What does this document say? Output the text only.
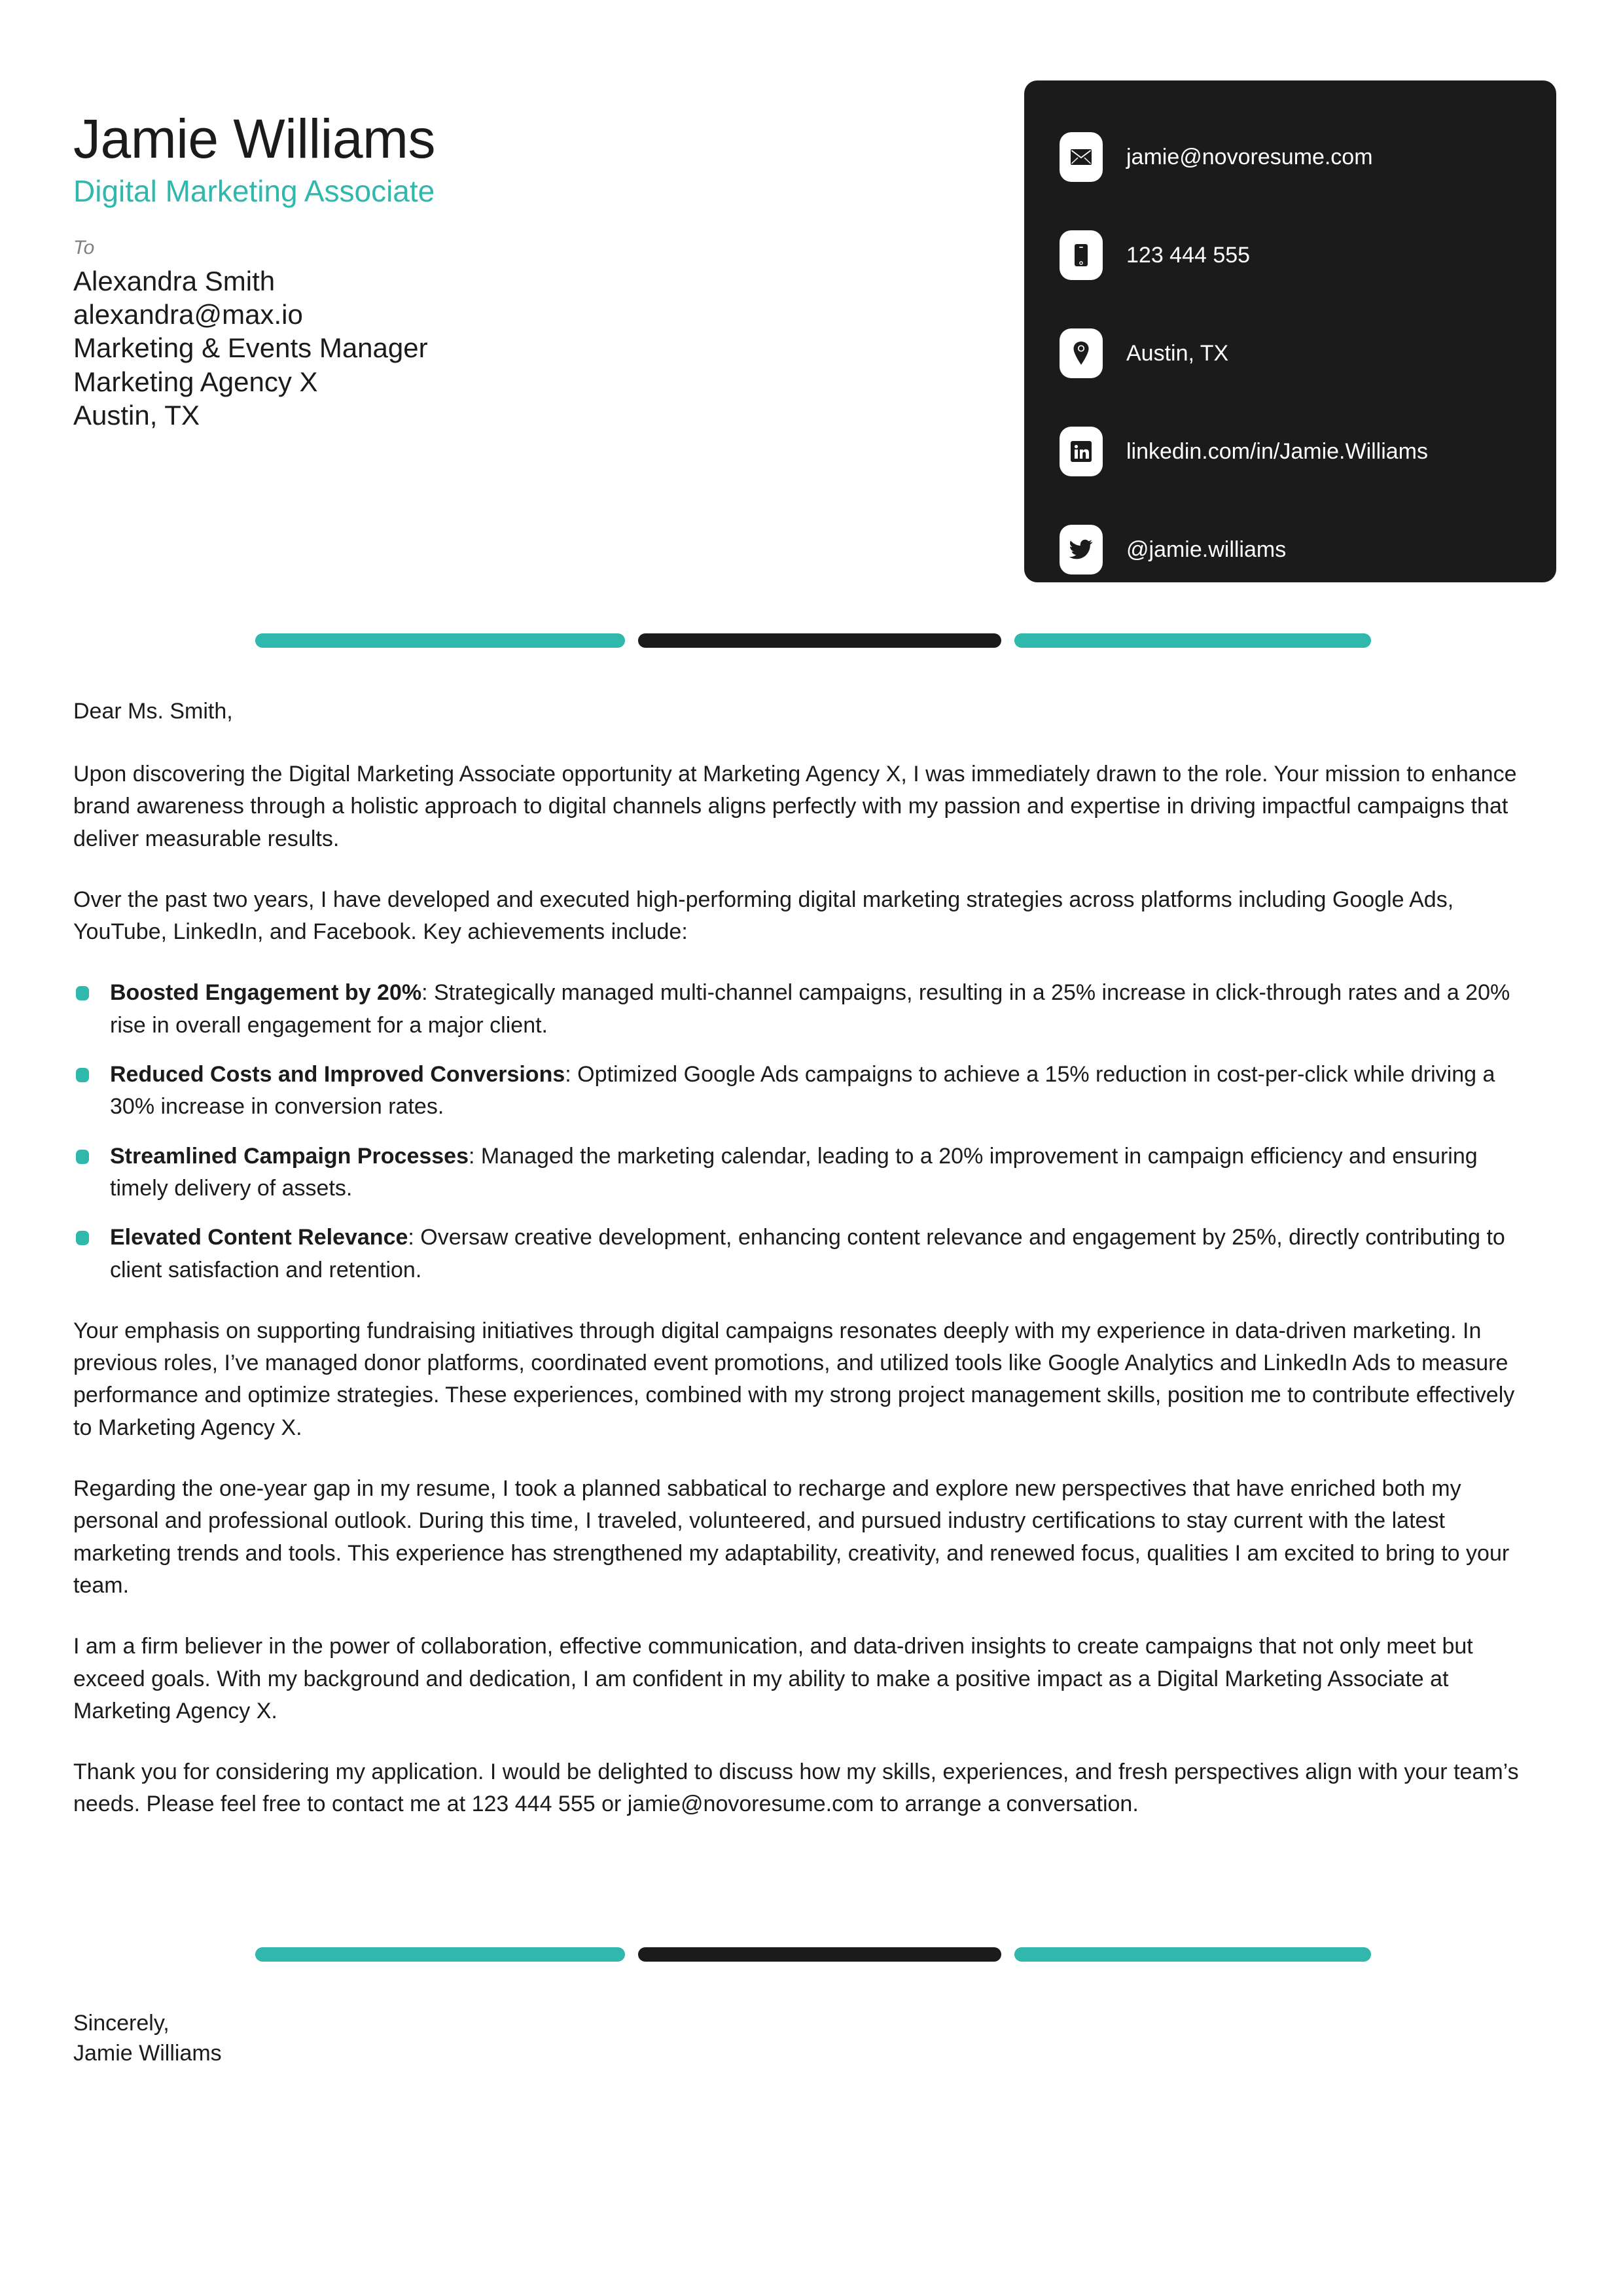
Jamie Williams
Digital Marketing Associate
To
Alexandra Smith
alexandra@max.io
Marketing & Events Manager
Marketing Agency X
Austin, TX
jamie@novoresume.com
123 444 555
Austin, TX
linkedin.com/in/Jamie.Williams
@jamie.williams
Dear Ms. Smith,

Upon discovering the Digital Marketing Associate opportunity at Marketing Agency X, I was immediately drawn to the role. Your mission to enhance brand awareness through a holistic approach to digital channels aligns perfectly with my passion and expertise in driving impactful campaigns that deliver measurable results.

Over the past two years, I have developed and executed high-performing digital marketing strategies across platforms including Google Ads, YouTube, LinkedIn, and Facebook. Key achievements include:

Boosted Engagement by 20%: Strategically managed multi-channel campaigns, resulting in a 25% increase in click-through rates and a 20% rise in overall engagement for a major client.
Reduced Costs and Improved Conversions: Optimized Google Ads campaigns to achieve a 15% reduction in cost-per-click while driving a 30% increase in conversion rates.
Streamlined Campaign Processes: Managed the marketing calendar, leading to a 20% improvement in campaign efficiency and ensuring timely delivery of assets.
Elevated Content Relevance: Oversaw creative development, enhancing content relevance and engagement by 25%, directly contributing to client satisfaction and retention.

Your emphasis on supporting fundraising initiatives through digital campaigns resonates deeply with my experience in data-driven marketing. In previous roles, I’ve managed donor platforms, coordinated event promotions, and utilized tools like Google Analytics and LinkedIn Ads to measure performance and optimize strategies. These experiences, combined with my strong project management skills, position me to contribute effectively to Marketing Agency X.

Regarding the one-year gap in my resume, I took a planned sabbatical to recharge and explore new perspectives that have enriched both my personal and professional outlook. During this time, I traveled, volunteered, and pursued industry certifications to stay current with the latest marketing trends and tools. This experience has strengthened my adaptability, creativity, and renewed focus, qualities I am excited to bring to your team.

I am a firm believer in the power of collaboration, effective communication, and data-driven insights to create campaigns that not only meet but exceed goals. With my background and dedication, I am confident in my ability to make a positive impact as a Digital Marketing Associate at Marketing Agency X.

Thank you for considering my application. I would be delighted to discuss how my skills, experiences, and fresh perspectives align with your team’s needs. Please feel free to contact me at 123 444 555 or jamie@novoresume.com to arrange a conversation.

Sincerely,
Jamie Williams
